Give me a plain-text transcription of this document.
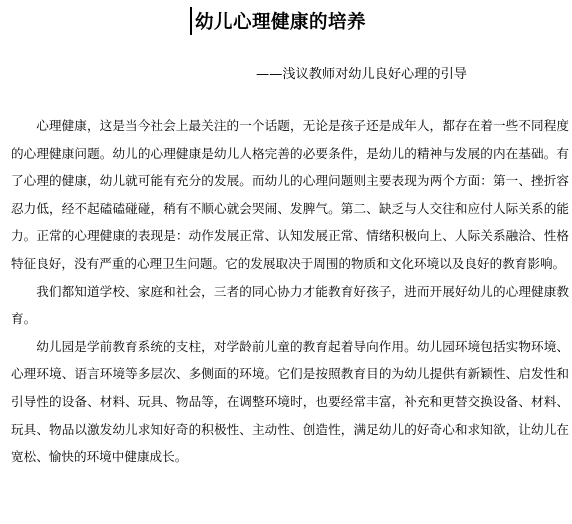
幼儿心理健康的培养
——浅议教师对幼儿良好心理的引导

心理健康，这是当今社会上最关注的一个话题，无论是孩子还是成年人，都存在着一些不同程度的心理健康问题。幼儿的心理健康是幼儿人格完善的必要条件，是幼儿的精神与发展的内在基础。有了心理的健康，幼儿就可能有充分的发展。而幼儿的心理问题则主要表现为两个方面：第一、挫折容忍力低，经不起磕磕碰碰，稍有不顺心就会哭闹、发脾气。第二、缺乏与人交往和应付人际关系的能力。正常的心理健康的表现是：动作发展正常、认知发展正常、情绪积极向上、人际关系融洽、性格特征良好，没有严重的心理卫生问题。它的发展取决于周围的物质和文化环境以及良好的教育影响。

我们都知道学校、家庭和社会，三者的同心协力才能教育好孩子，进而开展好幼儿的心理健康教育。

幼儿园是学前教育系统的支柱，对学龄前儿童的教育起着导向作用。幼儿园环境包括实物环境、心理环境、语言环境等多层次、多侧面的环境。它们是按照教育目的为幼儿提供有新颖性、启发性和引导性的设备、材料、玩具、物品等，在调整环境时，也要经常丰富，补充和更替交换设备、材料、玩具、物品以激发幼儿求知好奇的积极性、主动性、创造性，满足幼儿的好奇心和求知欲，让幼儿在宽松、愉快的环境中健康成长。
